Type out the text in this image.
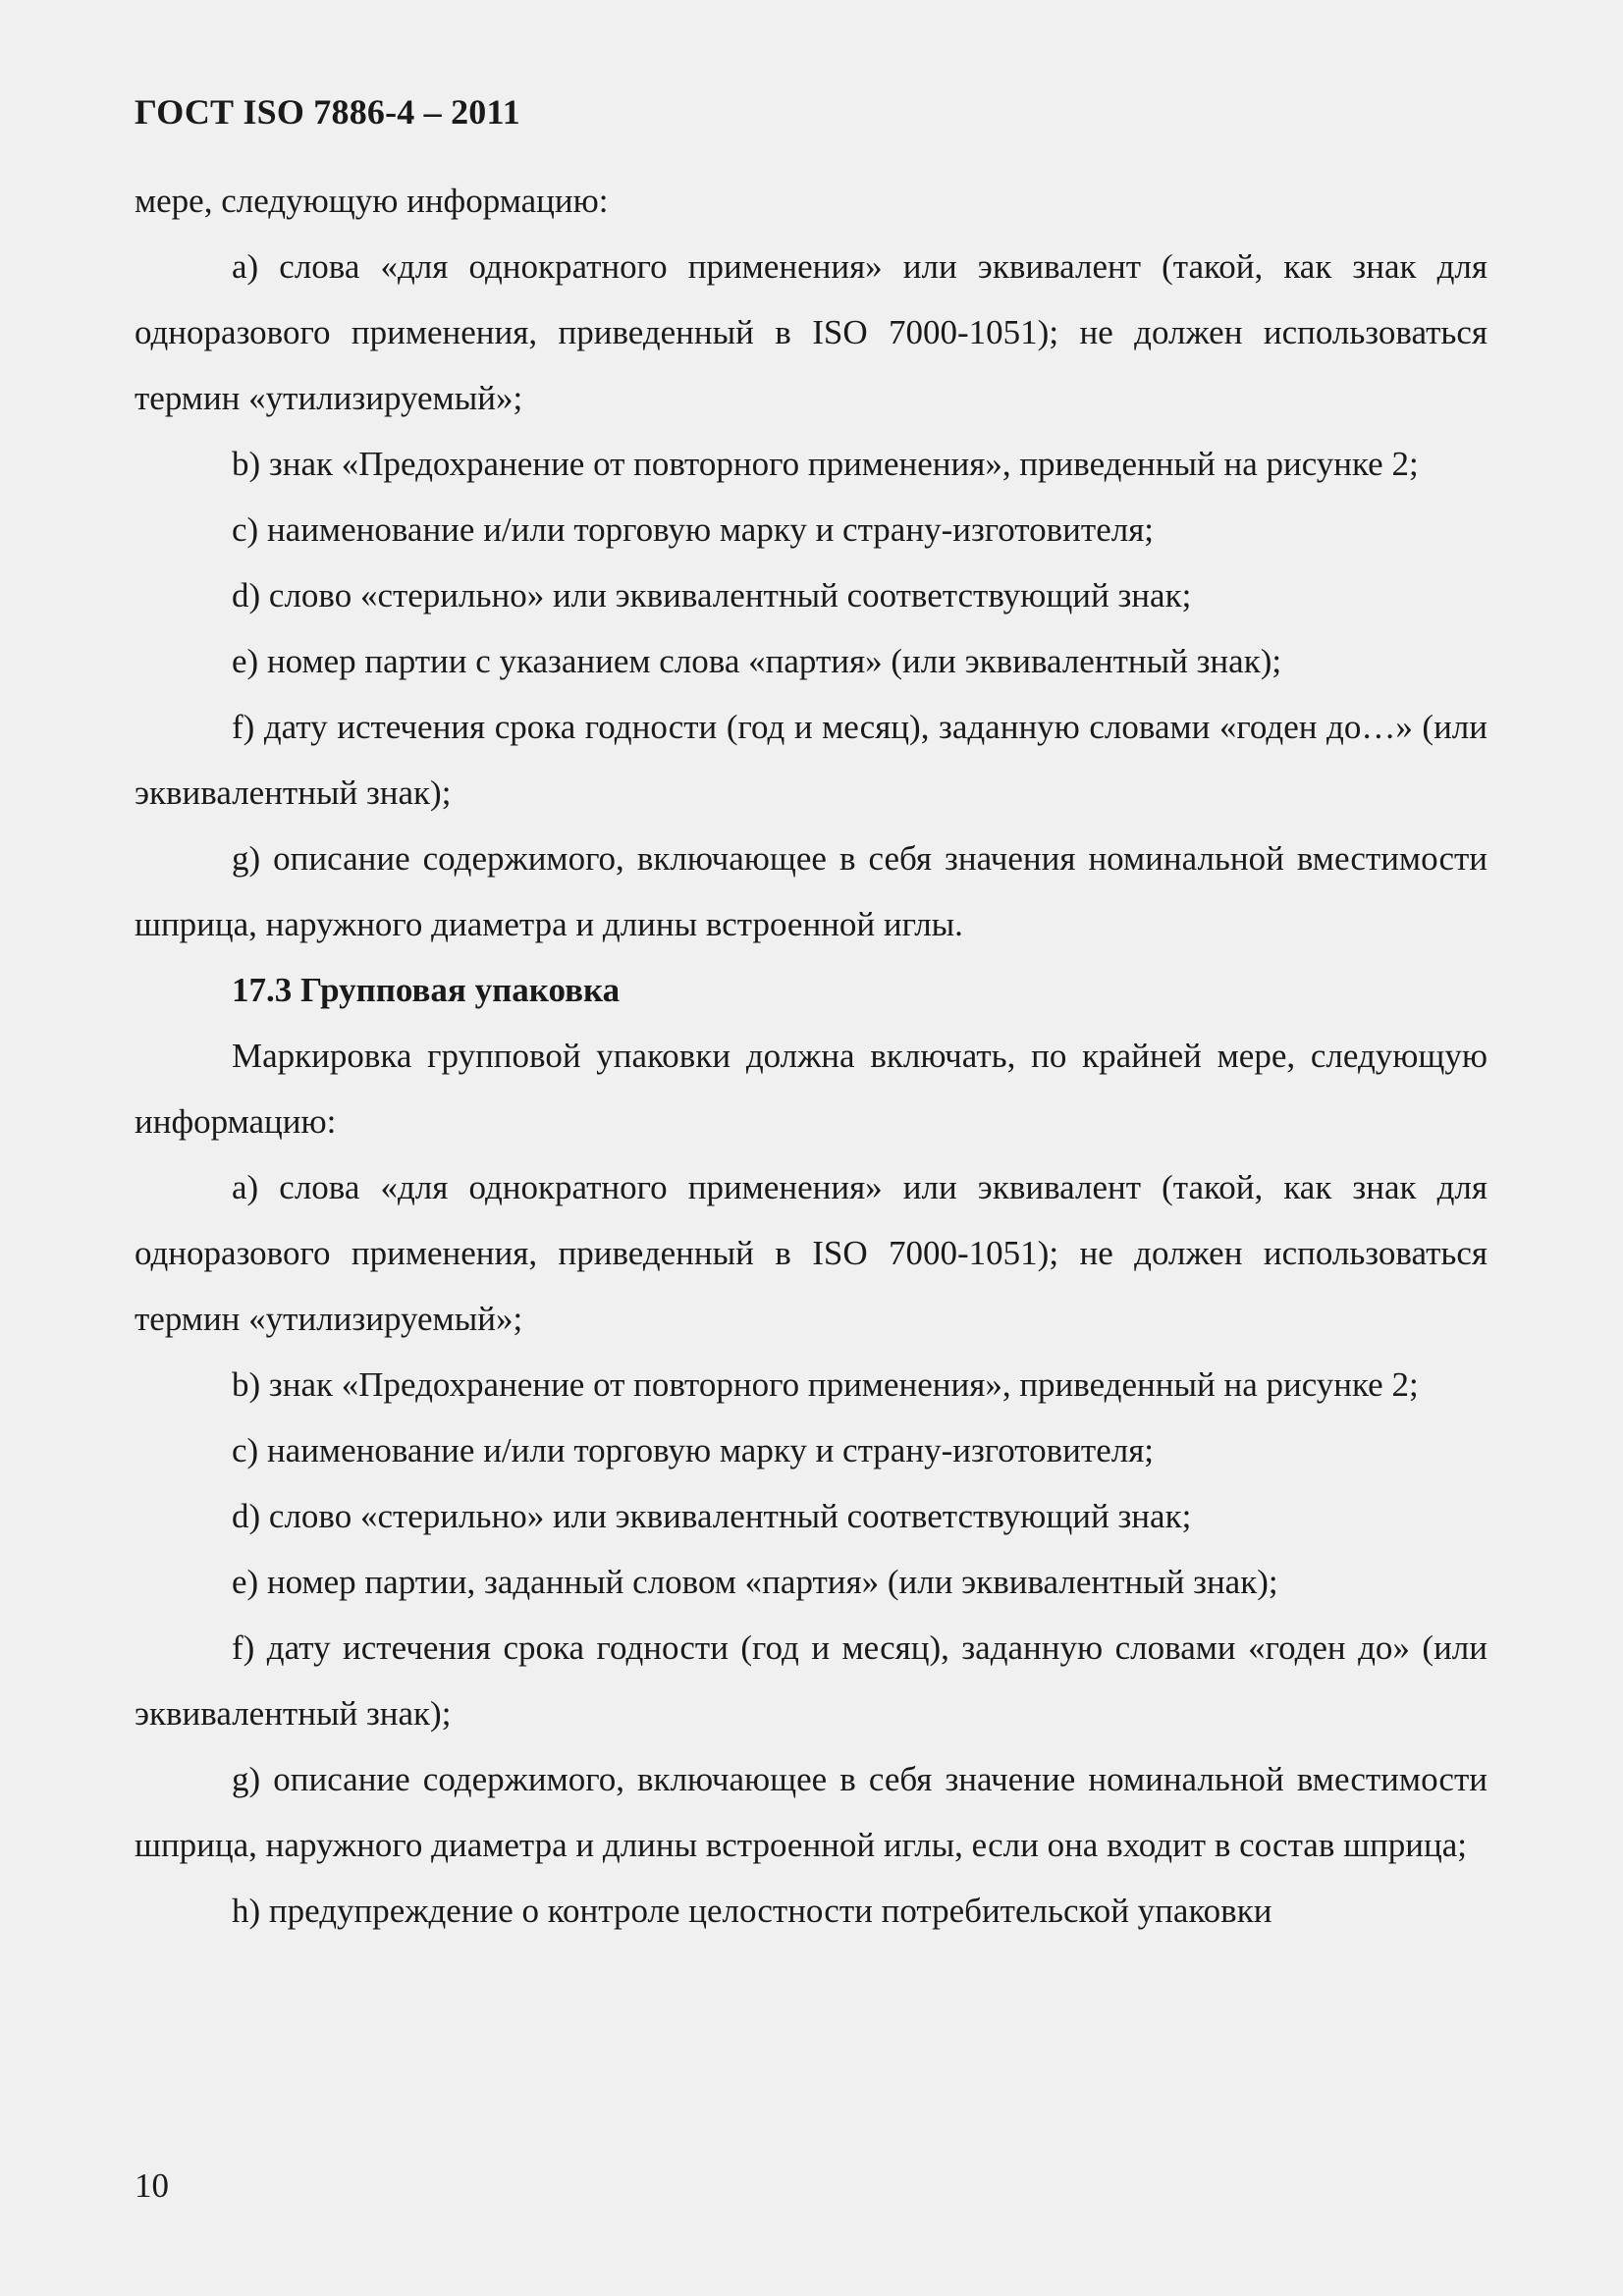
ГОСТ ISO 7886-4 – 2011

мере, следующую информацию:

a) слова «для однократного применения» или эквивалент (такой, как знак для одноразового применения, приведенный в ISO 7000-1051); не должен использоваться термин «утилизируемый»;

b) знак «Предохранение от повторного применения», приведенный на рисунке 2;

c) наименование и/или торговую марку и страну-изготовителя;

d) слово «стерильно» или эквивалентный соответствующий знак;

e) номер партии с указанием слова «партия» (или эквивалентный знак);

f) дату истечения срока годности (год и месяц), заданную словами «годен до…» (или эквивалентный знак);

g) описание содержимого, включающее в себя значения номинальной вместимости шприца, наружного диаметра и длины встроенной иглы.

17.3 Групповая упаковка

Маркировка групповой упаковки должна включать, по крайней мере, следующую информацию:

a) слова «для однократного применения» или эквивалент (такой, как знак для одноразового применения, приведенный в ISO 7000-1051); не должен использоваться термин «утилизируемый»;

b) знак «Предохранение от повторного применения», приведенный на рисунке 2;

c) наименование и/или торговую марку и страну-изготовителя;

d) слово «стерильно» или эквивалентный соответствующий знак;

e) номер партии, заданный словом «партия» (или эквивалентный знак);

f) дату истечения срока годности (год и месяц), заданную словами «годен до» (или эквивалентный знак);

g) описание содержимого, включающее в себя значение номинальной вместимости шприца, наружного диаметра и длины встроенной иглы, если она входит в состав шприца;

h) предупреждение о контроле целостности потребительской упаковки

10
